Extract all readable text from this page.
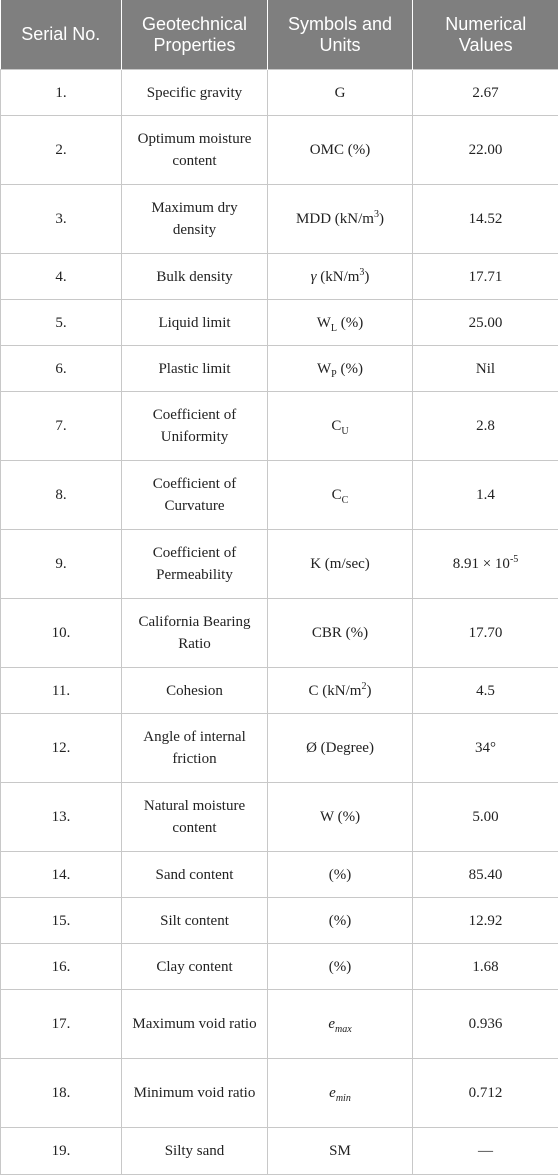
Serial No.	Geotechnical Properties	Symbols and Units	Numerical Values
1.	Specific gravity	G	2.67
2.	Optimum moisture content	OMC (%)	22.00
3.	Maximum dry density	MDD $(kN/m^3)$	14.52
4.	Bulk density	γ $(kN/m^3)$	17.71
5.	Liquid limit	$W_L$ (%)	25.00
6.	Plastic limit	$W_P$ (%)	Nil
7.	Coefficient of Uniformity	$C_U$	2.8
8.	Coefficient of Curvature	$C_C$	1.4
9.	Coefficient of Permeability	K (m/sec)	$8.91 \times 10^{-5}$
10.	California Bearing Ratio	CBR (%)	17.70
11.	Cohesion	C $(kN/m^2)$	4.5
12.	Angle of internal friction	Ø (Degree)	34°
13.	Natural moisture content	W (%)	5.00
14.	Sand content	(%)	85.40
15.	Silt content	(%)	12.92
16.	Clay content	(%)	1.68
17.	Maximum void ratio	$e_{max}$	0.936
18.	Minimum void ratio	$e_{min}$	0.712
19.	Silty sand	SM	—
